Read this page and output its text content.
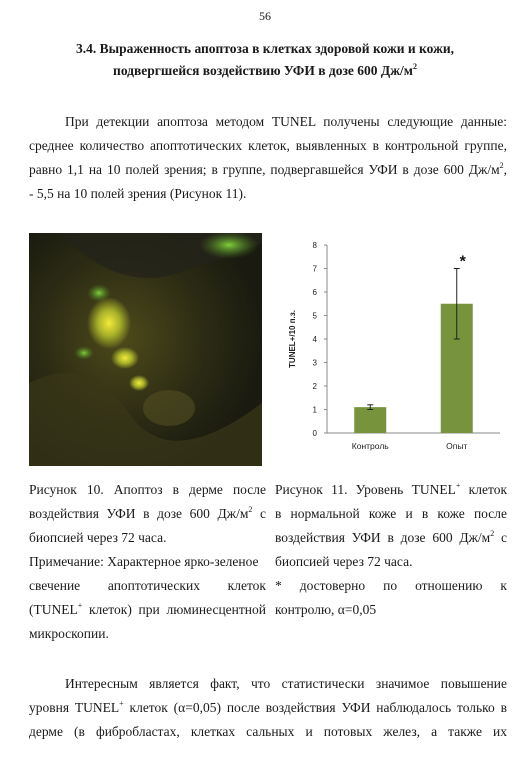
56
3.4. Выраженность апоптоза в клетках здоровой кожи и кожи,
подвергшейся воздействию УФИ в дозе 600 $Дж/м^2$
При детекции апоптоза методом TUNEL получены следующие данные:
среднее количество апоптотических клеток, выявленных в контрольной группе,
равно 1,1 на 10 полей зрения; в группе, подвергавшейся УФИ в дозе 600 $Дж/м^2$,
- 5,5 на 10 полей зрения (Рисунок 11).
0
1
2
3
4
5
6
7
8
Контроль	Опыт
*
TUNEL+/10 п.з.
Рисунок 10. Апоптоз в дерме после
воздействия УФИ в дозе 600 $Дж/м^2$ с
биопсией через 72 часа.
Примечание: Характерное ярко-зеленое
свечение апоптотических клеток
(TUNEL+ клеток) при люминесцентной
микроскопии.
Рисунок 11. Уровень TUNEL+ клеток
в нормальной коже и в коже после
воздействия УФИ в дозе 600 $Дж/м^2$ с
биопсией через 72 часа.
* достоверно по отношению к
контролю, α=0,05
Интересным является факт, что статистически значимое повышение
уровня TUNEL+ клеток (α=0,05) после воздействия УФИ наблюдалось только в
дерме (в фибробластах, клетках сальных и потовых желез, а также их
